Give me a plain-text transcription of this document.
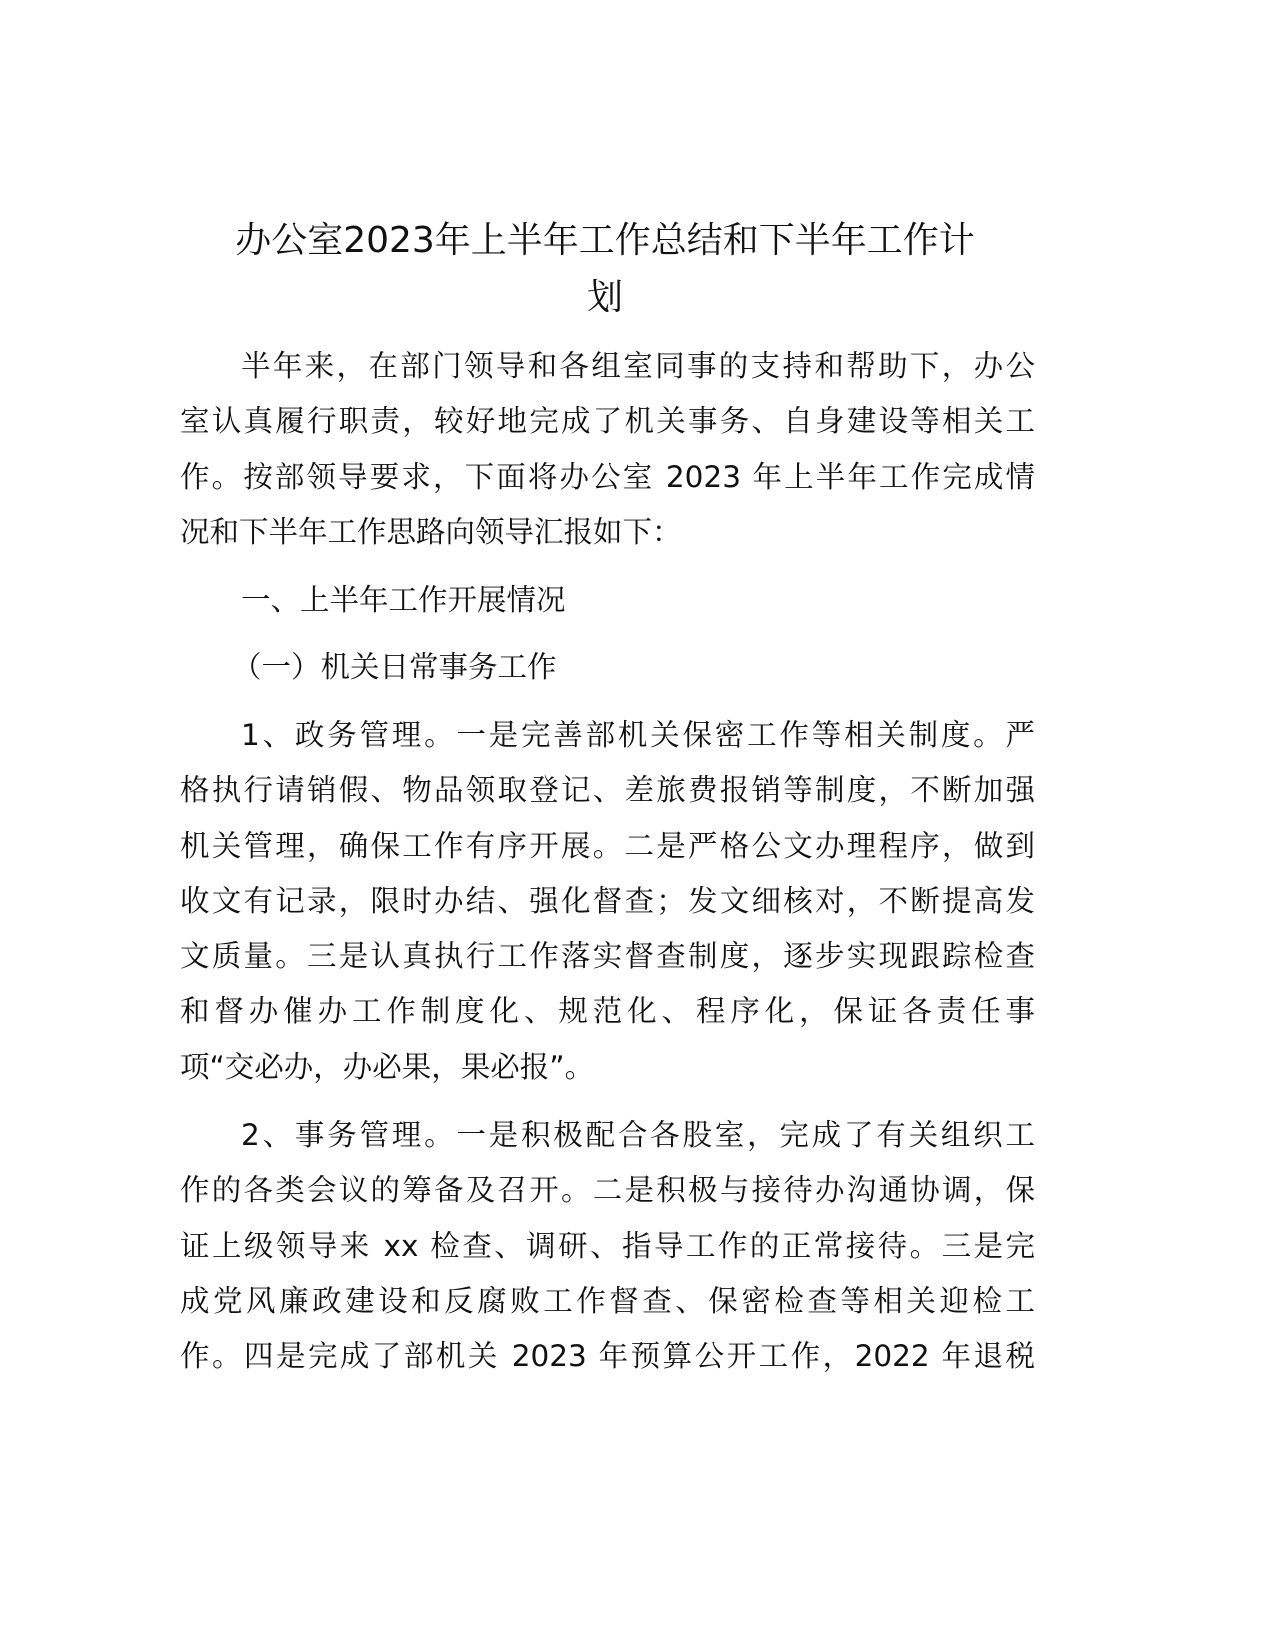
办公室2023年上半年工作总结和下半年工作计
划
半年来，在部门领导和各组室同事的支持和帮助下，办公
室认真履行职责，较好地完成了机关事务、自身建设等相关工
作。按部领导要求，下面将办公室 2023 年上半年工作完成情
况和下半年工作思路向领导汇报如下：
一、上半年工作开展情况
（一）机关日常事务工作
1、政务管理。一是完善部机关保密工作等相关制度。严
格执行请销假、物品领取登记、差旅费报销等制度，不断加强
机关管理，确保工作有序开展。二是严格公文办理程序，做到
收文有记录，限时办结、强化督查；发文细核对，不断提高发
文质量。三是认真执行工作落实督查制度，逐步实现跟踪检查
和督办催办工作制度化、规范化、程序化，保证各责任事
项“交必办，办必果，果必报”。
2、事务管理。一是积极配合各股室，完成了有关组织工
作的各类会议的筹备及召开。二是积极与接待办沟通协调，保
证上级领导来 xx 检查、调研、指导工作的正常接待。三是完
成党风廉政建设和反腐败工作督查、保密检查等相关迎检工
作。四是完成了部机关 2023 年预算公开工作，2022 年退税
